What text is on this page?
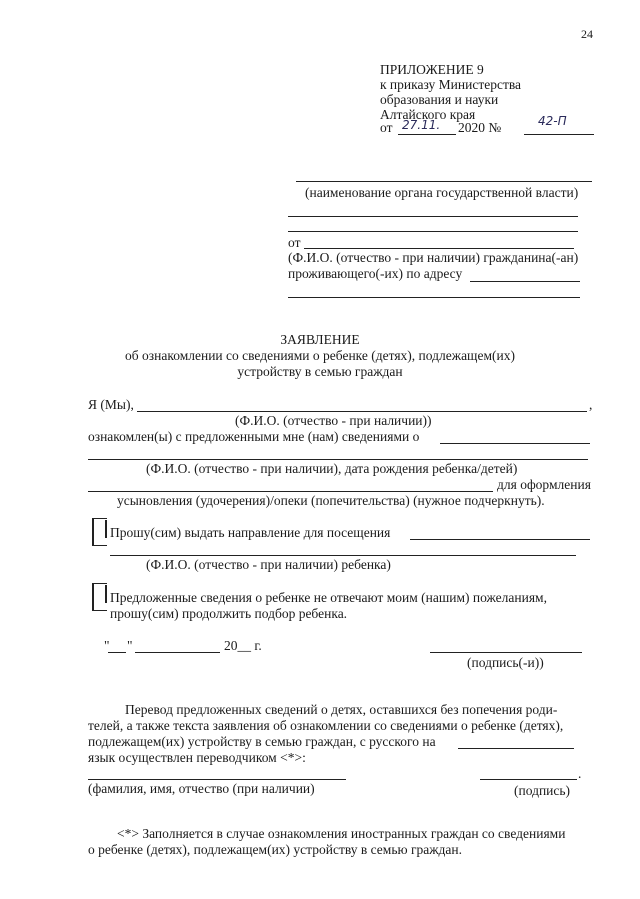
24
ПРИЛОЖЕНИЕ 9
к приказу Министерства
образования и науки
Алтайского края
от 27.11. 2020 №	42-П
(наименование органа государственной власти)
от
(Ф.И.О. (отчество - при наличии) гражданина(-ан)
проживающего(-их) по адресу
ЗАЯВЛЕНИЕ
об ознакомлении со сведениями о ребенке (детях), подлежащем(их)
устройству в семью граждан
Я (Мы),	,
(Ф.И.О. (отчество - при наличии))
ознакомлен(ы) с предложенными мне (нам) сведениями о
(Ф.И.О. (отчество - при наличии), дата рождения ребенка/детей)
для оформления
усыновления (удочерения)/опеки (попечительства) (нужное подчеркнуть).
Прошу(сим) выдать направление для посещения
(Ф.И.О. (отчество - при наличии) ребенка)
Предложенные сведения о ребенке не отвечают моим (нашим) пожеланиям,
прошу(сим) продолжить подбор ребенка.
" "	20__ г.
(подпись(-и))
Перевод предложенных сведений о детях, оставшихся без попечения роди-
телей, а также текста заявления об ознакомлении со сведениями о ребенке (детях),
подлежащем(их) устройству в семью граждан, с русского на
язык осуществлен переводчиком <*>:
.
(фамилия, имя, отчество (при наличии)	(подпись)
<*> Заполняется в случае ознакомления иностранных граждан со сведениями
о ребенке (детях), подлежащем(их) устройству в семью граждан.
